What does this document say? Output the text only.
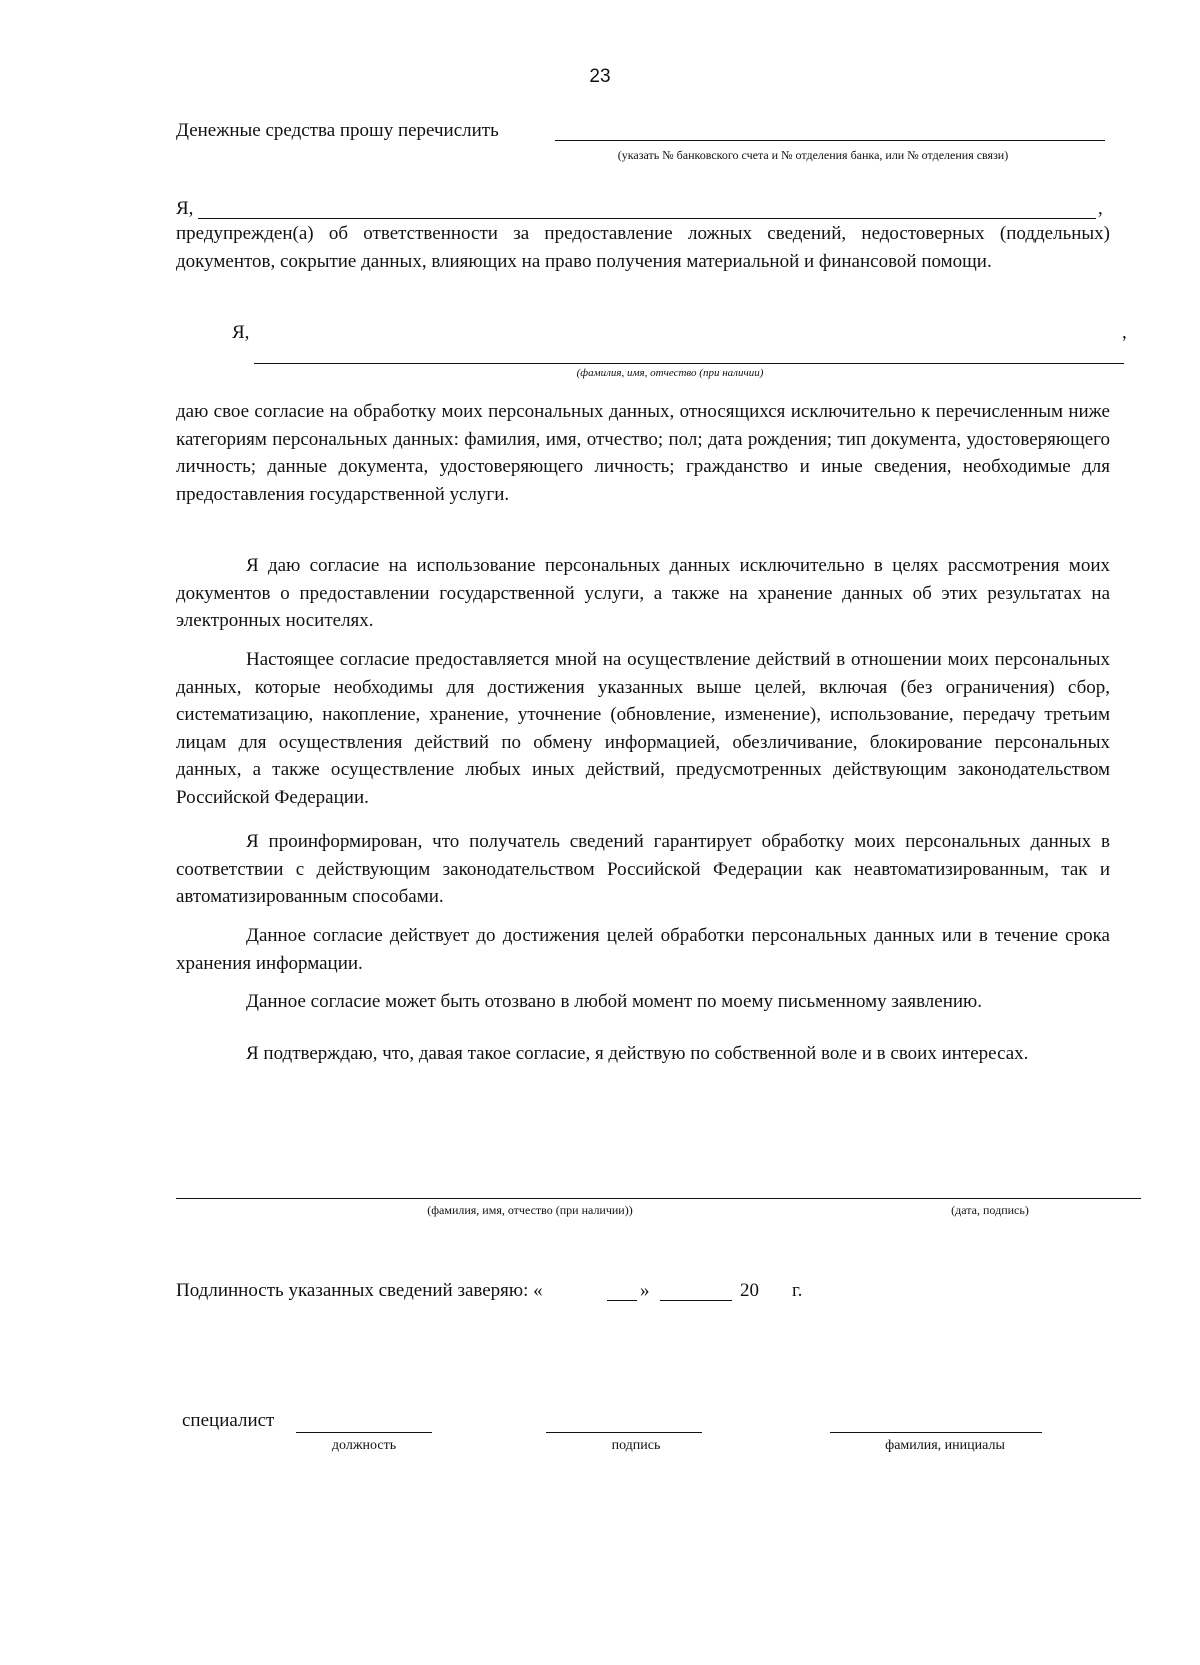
23
Денежные средства прошу перечислить
(указать № банковского счета и № отделения банка, или № отделения связи)
Я,	,
предупрежден(а) об ответственности за предоставление ложных сведений, недостоверных (поддельных) документов, сокрытие данных, влияющих на право получения материальной и финансовой помощи.
Я,	,
(фамилия, имя, отчество (при наличии)
даю свое согласие на обработку моих персональных данных, относящихся исключительно к перечисленным ниже категориям персональных данных: фамилия, имя, отчество; пол; дата рождения; тип документа, удостоверяющего личность; данные документа, удостоверяющего личность; гражданство и иные сведения, необходимые для предоставления государственной услуги.
Я даю согласие на использование персональных данных исключительно в целях рассмотрения моих документов о предоставлении государственной услуги, а также на хранение данных об этих результатах на электронных носителях.
Настоящее согласие предоставляется мной на осуществление действий в отношении моих персональных данных, которые необходимы для достижения указанных выше целей, включая (без ограничения) сбор, систематизацию, накопление, хранение, уточнение (обновление, изменение), использование, передачу третьим лицам для осуществления действий по обмену информацией, обезличивание, блокирование персональных данных, а также осуществление любых иных действий, предусмотренных действующим законодательством Российской Федерации.
Я проинформирован, что получатель сведений гарантирует обработку моих персональных данных в соответствии с действующим законодательством Российской Федерации как неавтоматизированным, так и автоматизированным способами.
Данное согласие действует до достижения целей обработки персональных данных или в течение срока хранения информации.
Данное согласие может быть отозвано в любой момент по моему письменному заявлению.
Я подтверждаю, что, давая такое согласие, я действую по собственной воле и в своих интересах.
(фамилия, имя, отчество (при наличии))	(дата, подпись)
Подлинность указанных сведений заверяю: «	»	20 г.
специалист
должность	подпись	фамилия, инициалы
